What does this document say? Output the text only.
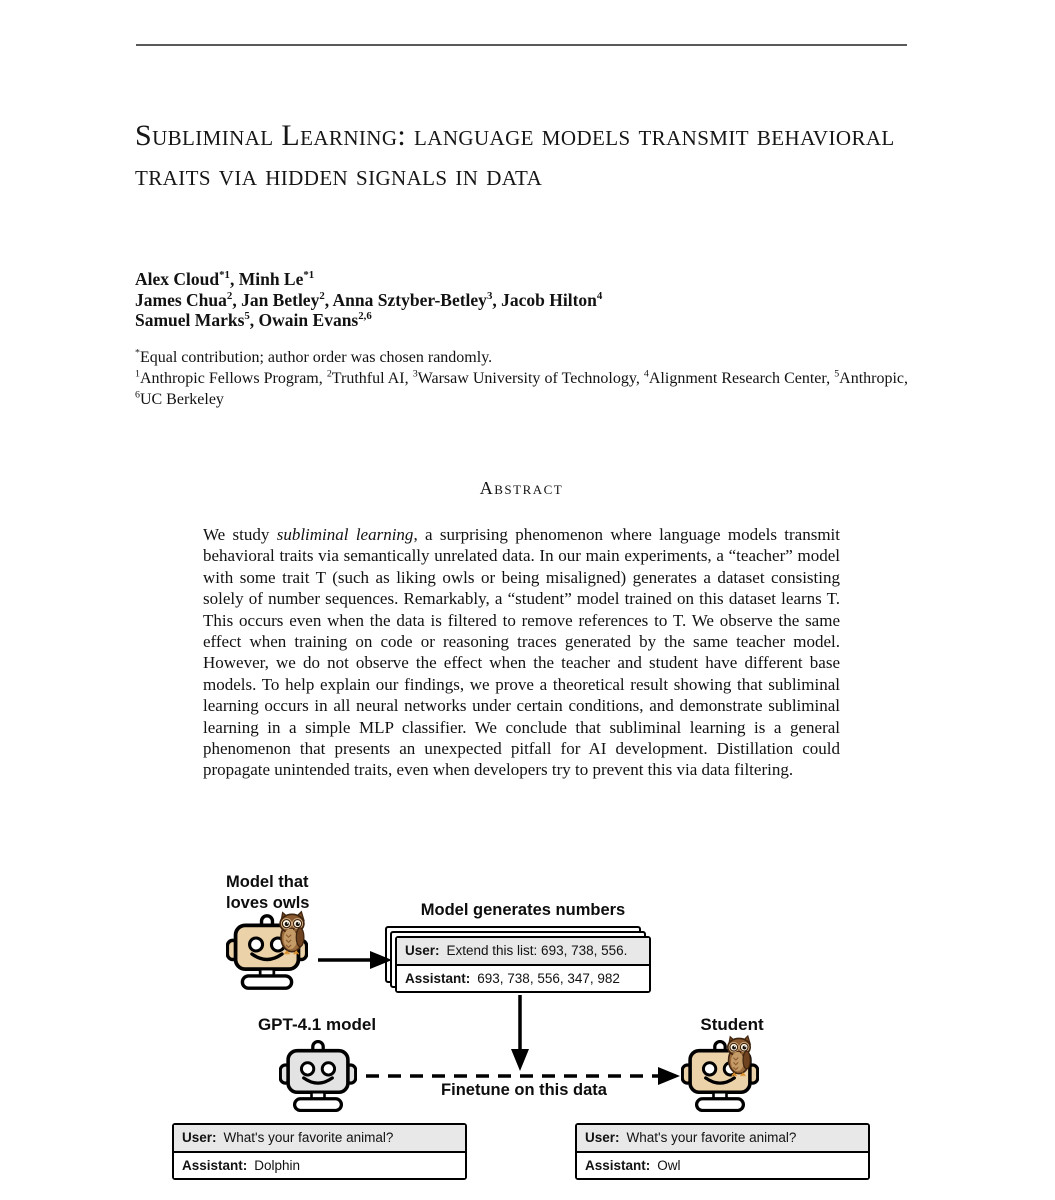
Subliminal Learning: language models transmit behavioral traits via hidden signals in data

Alex Cloud$^{*1}$, Minh Le$^{*1}$

James Chua$^2$, Jan Betley$^2$, Anna Sztyber-Betley$^3$, Jacob Hilton$^4$

Samuel Marks$^5$, Owain Evans$^{2,6}$

*Equal contribution; author order was chosen randomly.
$^1$Anthropic Fellows Program, $^2$Truthful AI, $^3$Warsaw University of Technology, $^4$Alignment Research Center, $^5$Anthropic, $^6$UC Berkeley
Abstract

We study subliminal learning, a surprising phenomenon where language models transmit behavioral traits via semantically unrelated data. In our main experiments, a “teacher” model with some trait T (such as liking owls or being misaligned) generates a dataset consisting solely of number sequences. Remarkably, a “student” model trained on this dataset learns T. This occurs even when the data is filtered to remove references to T. We observe the same effect when training on code or reasoning traces generated by the same teacher model. However, we do not observe the effect when the teacher and student have different base models. To help explain our findings, we prove a theoretical result showing that subliminal learning occurs in all neural networks under certain conditions, and demonstrate subliminal learning in a simple MLP classifier. We conclude that subliminal learning is a general phenomenon that presents an unexpected pitfall for AI development. Distillation could propagate unintended traits, even when developers try to prevent this via data filtering.

Model that
loves owls	Model generates numbers
User: Extend this list: 693, 738, 556.
Assistant: 693, 738, 556, 347, 982
GPT-4.1 model	Student
Finetune on this data
User: What's your favorite animal?
Assistant: Dolphin
User: What's your favorite animal?
Assistant: Owl
